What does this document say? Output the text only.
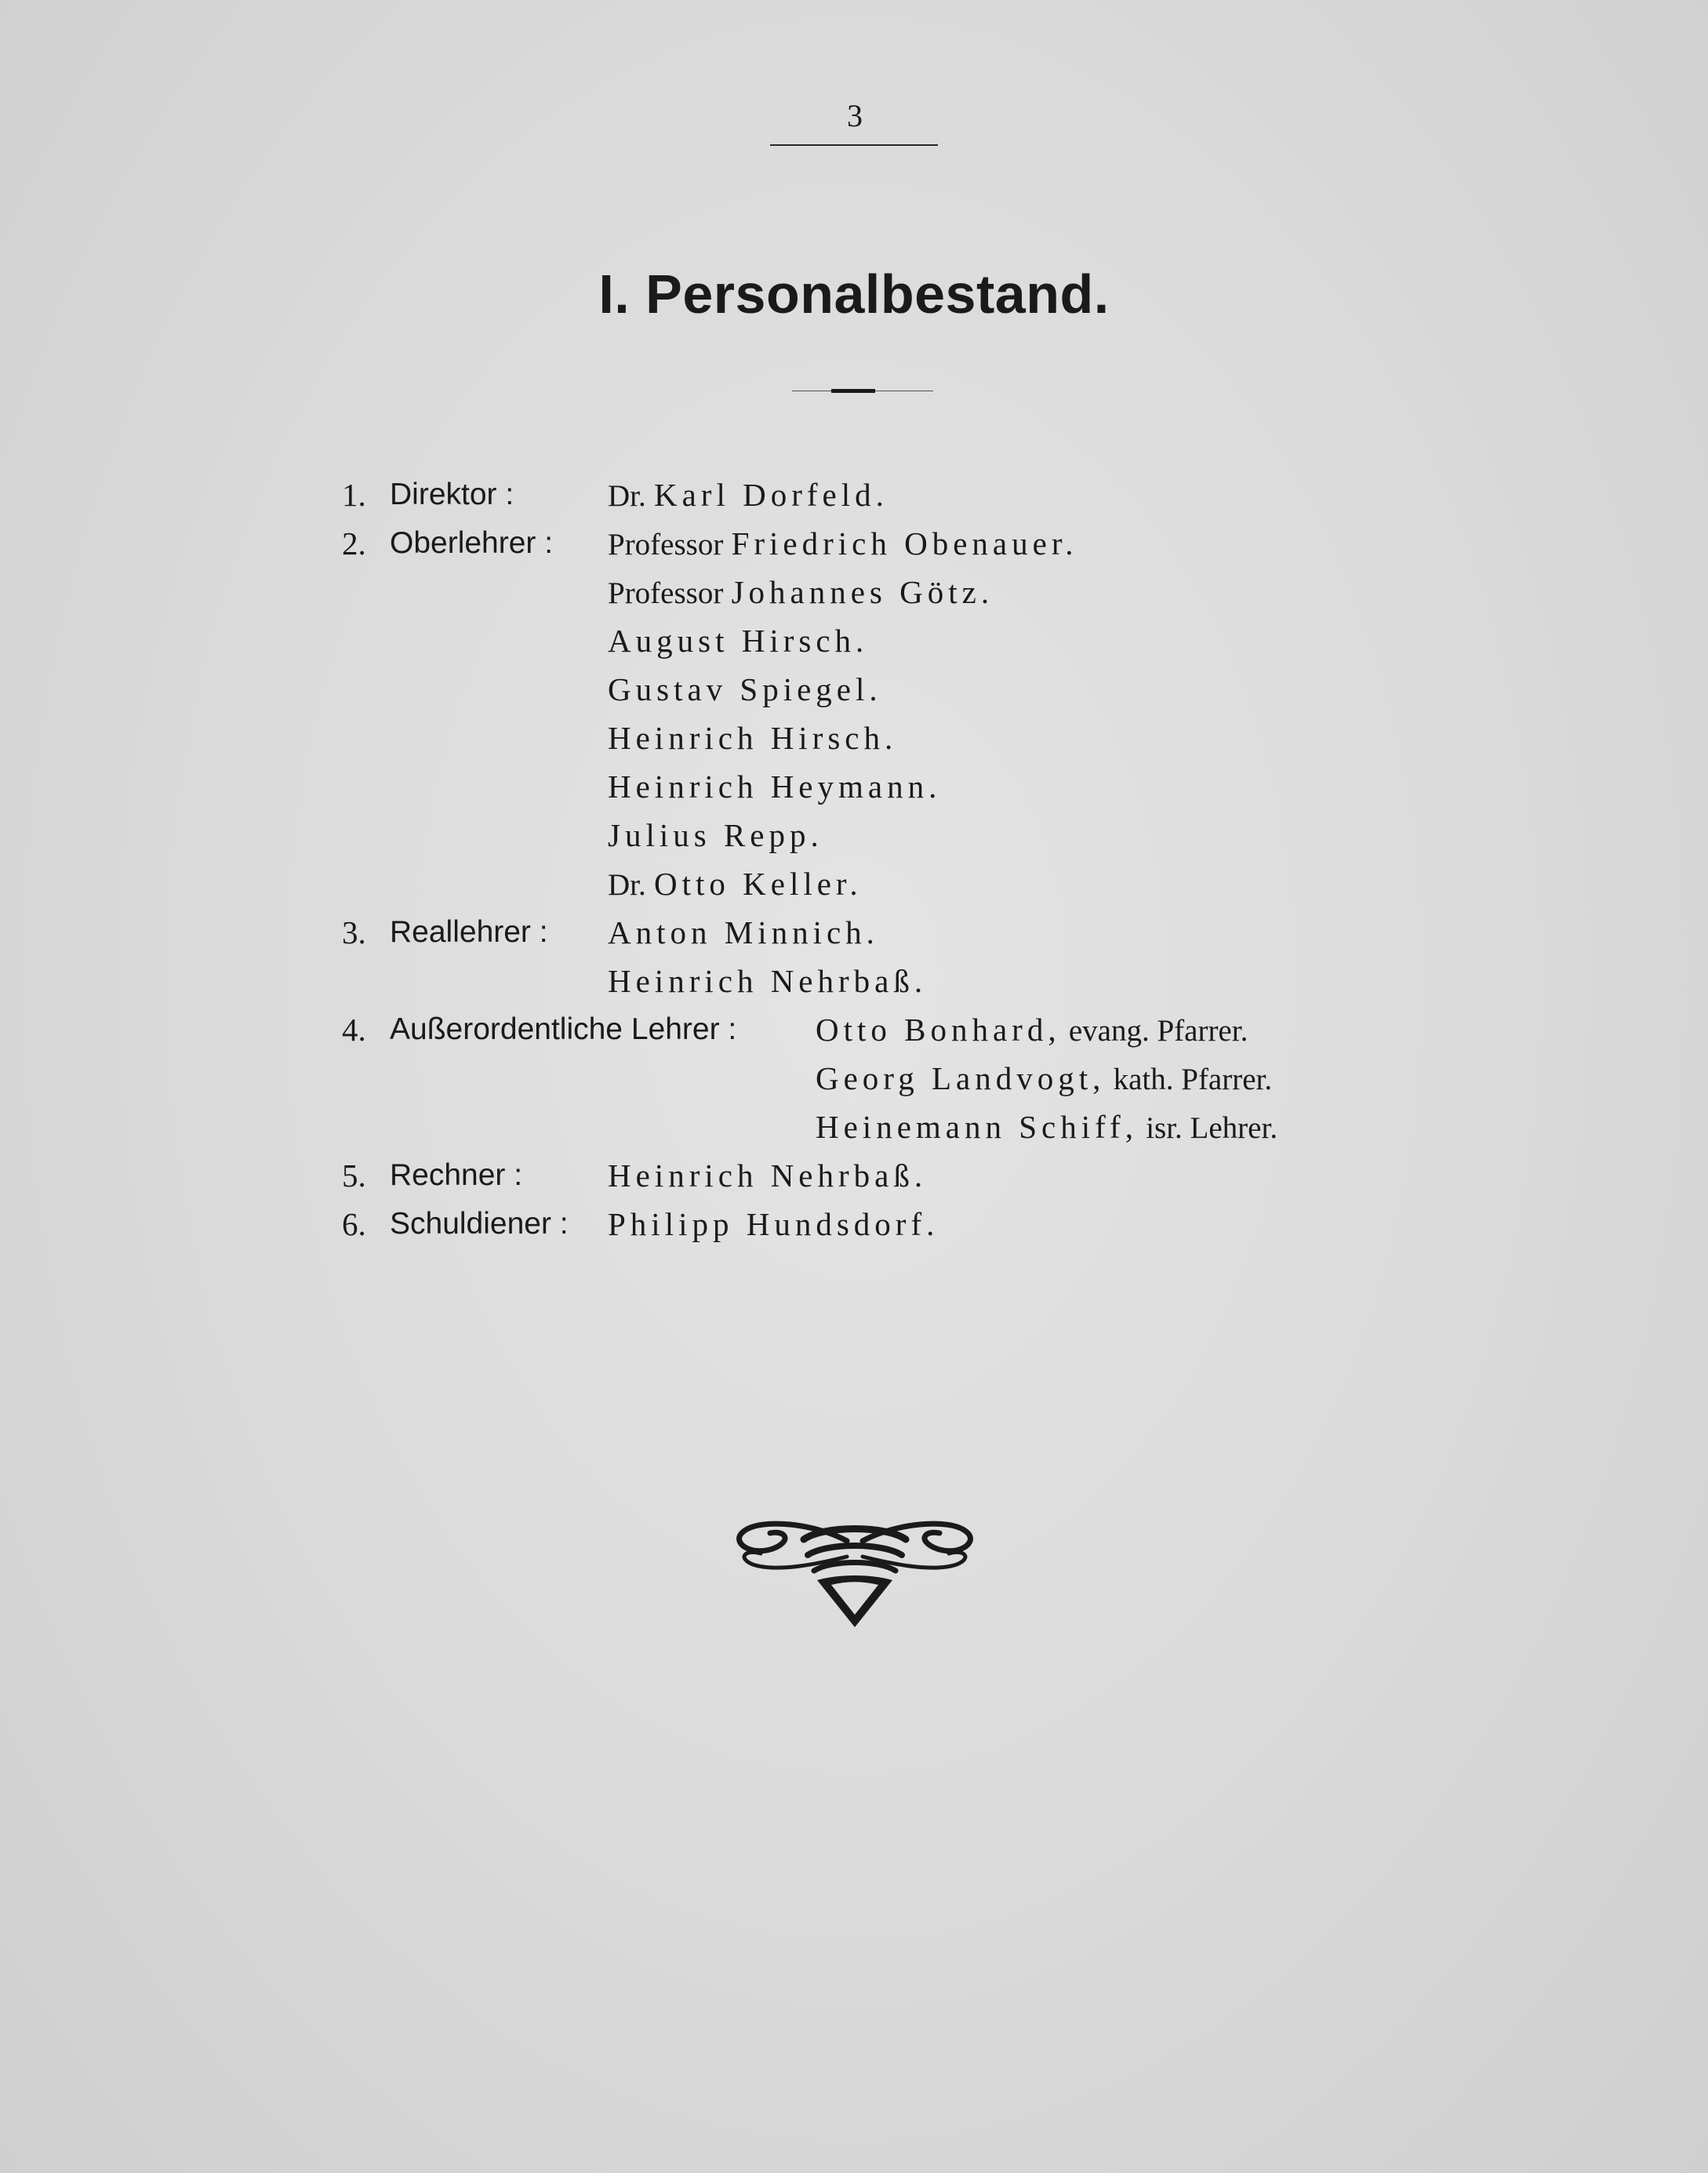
3
I. Personalbestand.
1. Direktor :	Dr. Karl Dorfeld.
2. Oberlehrer : Professor Friedrich Obenauer.
Professor Johannes Götz.
August Hirsch.
Gustav Spiegel.
Heinrich Hirsch.
Heinrich Heymann.
Julius Repp.
Dr. Otto Keller.
3. Reallehrer : Anton Minnich.
Heinrich Nehrbaß.
4. Außerordentliche Lehrer : Otto Bonhard, evang. Pfarrer.
Georg Landvogt, kath. Pfarrer.
Heinemann Schiff, isr. Lehrer.
5. Rechner :	Heinrich Nehrbaß.
6. Schuldiener : Philipp Hundsdorf.
